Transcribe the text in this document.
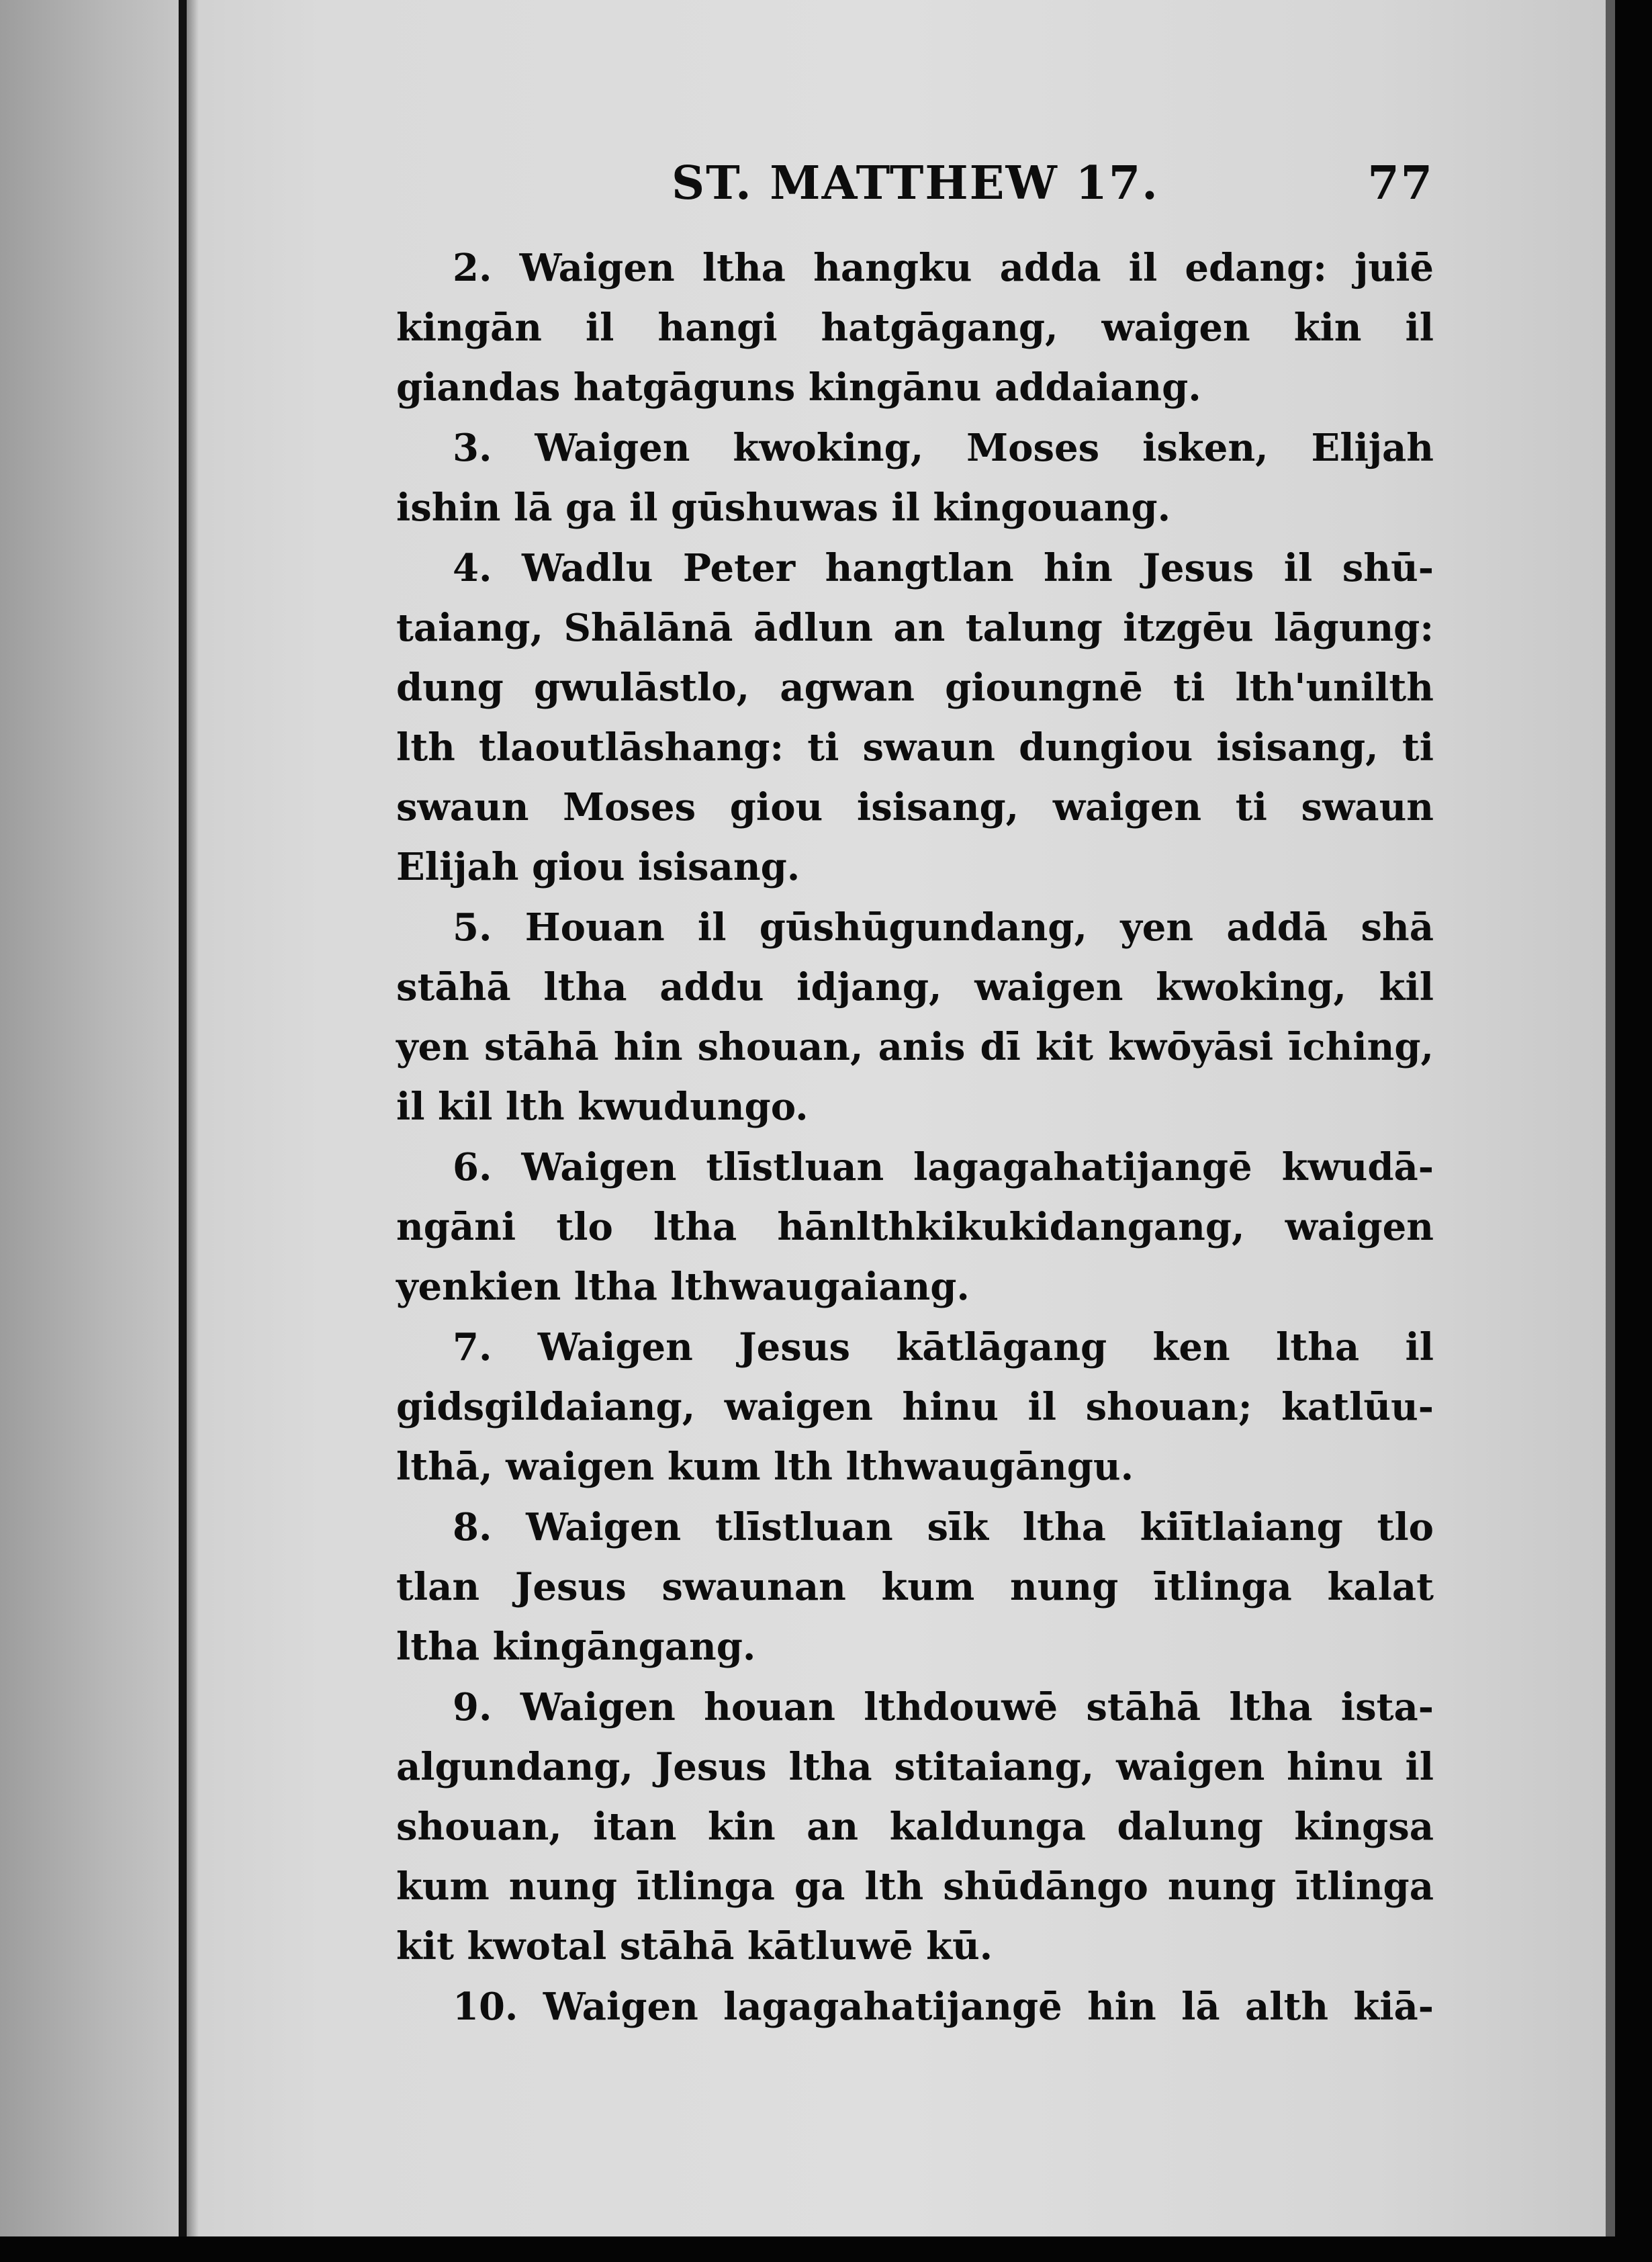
ST. MATTHEW 17.	77
2. Waigen ltha hangku adda il edang: juiē
kingān il hangi hatgāgang, waigen kin il
giandas hatgāguns kingānu addaiang.
3. Waigen kwoking, Moses isken, Elijah
ishin lā ga il gūshuwas il kingouang.
4. Wadlu Peter hangtlan hin Jesus il shū-
taiang, Shālānā ādlun an talung itzgēu lāgung:
dung gwulāstlo, agwan gioungnē ti lth'unilth
lth tlaoutlāshang: ti swaun dungiou isisang, ti
swaun Moses giou isisang, waigen ti swaun
Elijah giou isisang.
5. Houan il gūshūgundang, yen addā shā
stāhā ltha addu idjang, waigen kwoking, kil
yen stāhā hin shouan, anis dī kit kwōyāsi īching,
il kil lth kwudungo.
6. Waigen tlīstluan lagagahatijangē kwudā-
ngāni tlo ltha hānlthkikukidangang, waigen
yenkien ltha lthwaugaiang.
7. Waigen Jesus kātlāgang ken ltha il
gidsgildaiang, waigen hinu il shouan; katlūu-
lthā, waigen kum lth lthwaugāngu.
8. Waigen tlīstluan sīk ltha kiītlaiang tlo
tlan Jesus swaunan kum nung ītlinga kalat
ltha kingāngang.
9. Waigen houan lthdouwē stāhā ltha ista-
algundang, Jesus ltha stitaiang, waigen hinu il
shouan, itan kin an kaldunga dalung kingsa
kum nung ītlinga ga lth shūdāngo nung ītlinga
kit kwotal stāhā kātluwē kū.
10. Waigen lagagahatijangē hin lā alth kiā-
